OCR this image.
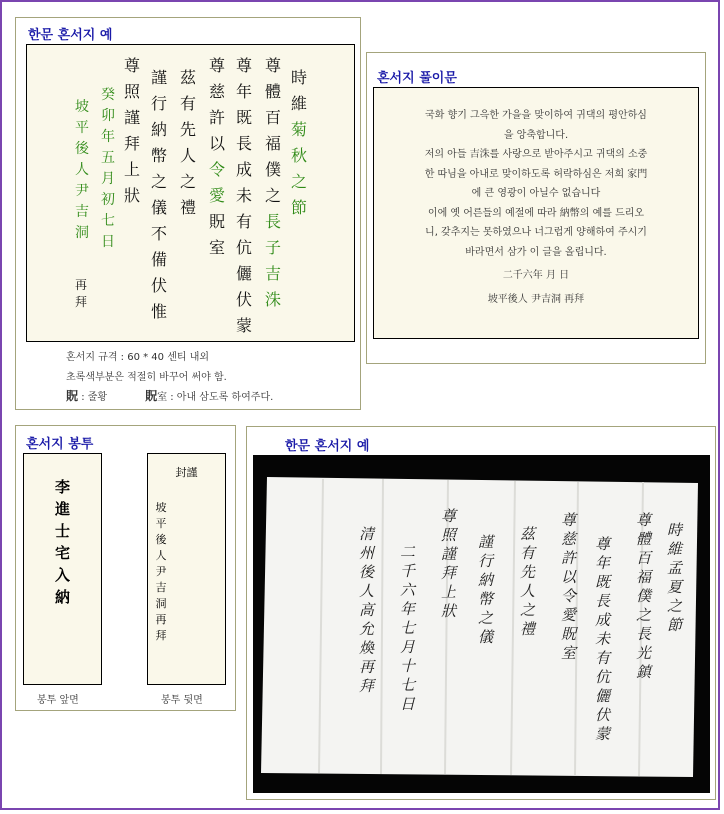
한문 혼서지 예
時
維
菊
秋
之
節
尊
體
百
福
僕
之
長
子
吉
洙
尊
年
既
長
成
未
有
伉
儷
伏
蒙
尊
慈
許
以
令
愛
貺
室
茲
有
先
人
之
禮
謹
行
納
幣
之
儀
不
備
伏
惟
尊
照
謹
拜
上
狀
癸
卯
年
五
月
初
七
日
坡
平
後
人
尹
吉
洞
再
拜
혼서지 규격 : 60 * 40 센티 내외
초록색부분은 적절히 바꾸어 써야 함.
貺 : 줄황	貺室 : 아내 삼도록 하여주다.
혼서지 풀이문

국화 향기 그윽한 가을을 맞이하여 귀댁의 평안하심

을 앙축합니다.

저의 아들 吉洙를 사랑으로 받아주시고 귀댁의 소중

한 따님을 아내로 맞이하도록 허락하심은 저희 家門

에 큰 영광이 아닐수 없습니다

이에 옛 어른들의 예절에 따라 納幣의 예를 드리오

니, 갖추지는 못하였으나 너그럽게 양해하여 주시기

바라면서 삼가 이 글을 올립니다.

二千六年 月 日

坡平後人 尹吉洞 再拜

혼서지 봉투
李
進
士
宅
入
納
封謹
坡
平
後
人
尹
吉
洞
再
拜
봉투 앞면	봉투 뒷면
한문 혼서지 예
時
維
孟
夏
之
節
尊
體
百
福
僕
之
長
光
鎮
尊
年
既
長
成
未
有
伉
儷
伏
蒙
尊
慈
許
以
令
愛
貺
室
茲
有
先
人
之
禮
謹
行
納
幣
之
儀
尊
照
謹
拜
上
狀
二
千
六
年
七
月
十
七
日
清
州
後
人
高
允
煥
再
拜
